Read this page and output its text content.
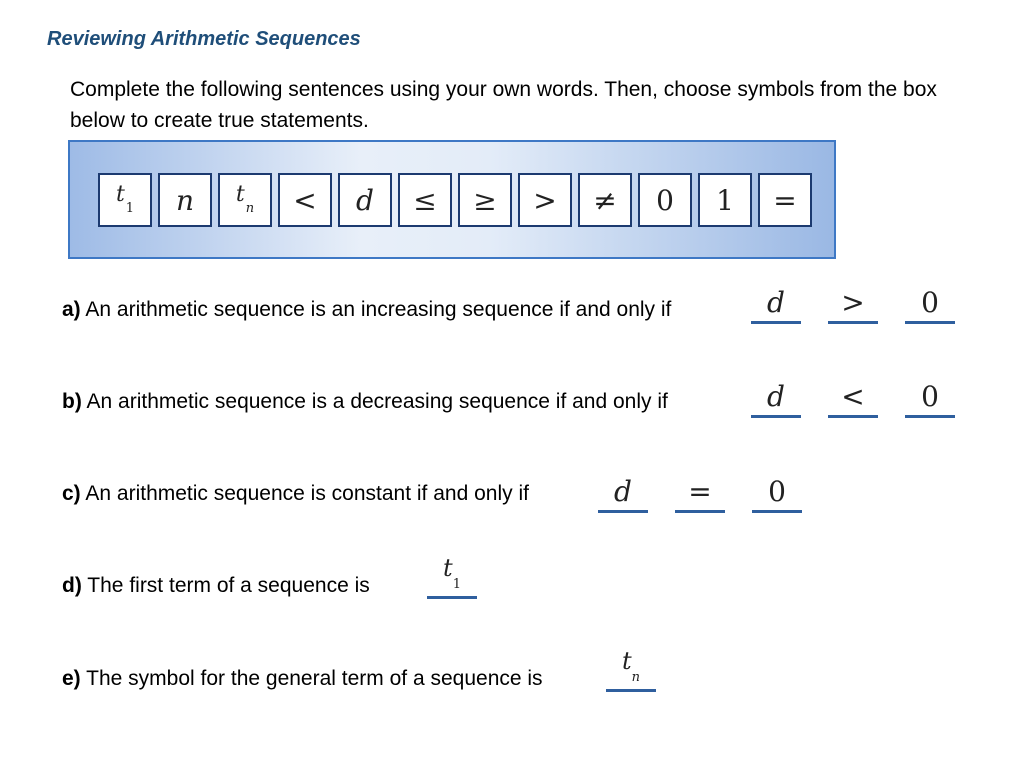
Reviewing Arithmetic Sequences
Complete the following sentences using your own words. Then, choose symbols from the box below to create true statements.
t
1 n t
n < d ≤ ≥ > ≠ 0 1 =
a) An arithmetic sequence is an increasing sequence if and only if	d	>	0
b) An arithmetic sequence is a decreasing sequence if and only if	d	<	0
c) An arithmetic sequence is constant if and only if	d	=	0
d) The first term of a sequence is
t
1
e) The symbol for the general term of a sequence is
t
n
